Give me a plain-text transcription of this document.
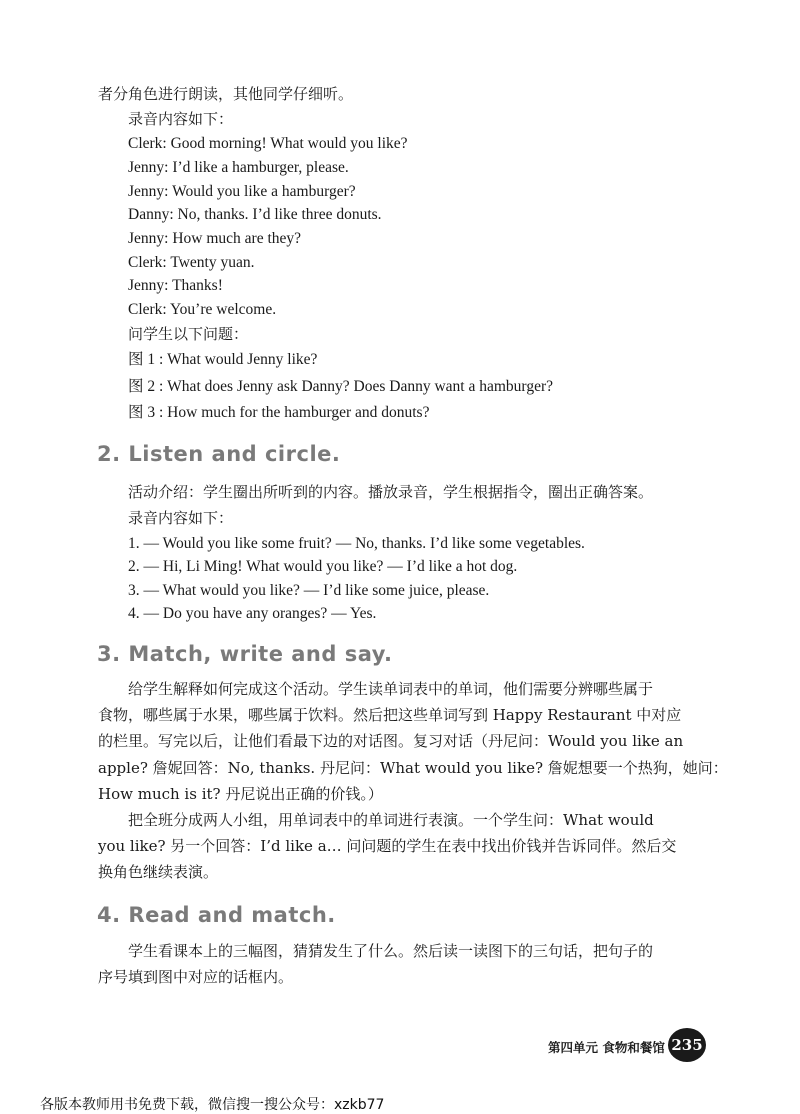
者分角色进行朗读，其他同学仔细听。
录音内容如下：
Clerk: Good morning! What would you like?
Jenny: I’d like a hamburger, please.
Jenny: Would you like a hamburger?
Danny: No, thanks. I’d like three donuts.
Jenny: How much are they?
Clerk: Twenty yuan.
Jenny: Thanks!
Clerk: You’re welcome.
问学生以下问题：
图 1 : What would Jenny like?
图 2 : What does Jenny ask Danny? Does Danny want a hamburger?
图 3 : How much for the hamburger and donuts?
2. Listen and circle.
活动介绍：学生圈出所听到的内容。播放录音，学生根据指令，圈出正确答案。
录音内容如下：
1. — Would you like some fruit? — No, thanks. I’d like some vegetables.
2. — Hi, Li Ming! What would you like? — I’d like a hot dog.
3. — What would you like? — I’d like some juice, please.
4. — Do you have any oranges? — Yes.
3. Match, write and say.
给学生解释如何完成这个活动。学生读单词表中的单词，他们需要分辨哪些属于
食物，哪些属于水果，哪些属于饮料。然后把这些单词写到 Happy Restaurant 中对应
的栏里。写完以后，让他们看最下边的对话图。复习对话（丹尼问：Would you like an
apple? 詹妮回答：No, thanks. 丹尼问：What would you like? 詹妮想要一个热狗，她问：
How much is it? 丹尼说出正确的价钱。）
把全班分成两人小组，用单词表中的单词进行表演。一个学生问：What would
you like? 另一个回答：I’d like a… 问问题的学生在表中找出价钱并告诉同伴。然后交
换角色继续表演。
4. Read and match.
学生看课本上的三幅图，猜猜发生了什么。然后读一读图下的三句话，把句子的
序号填到图中对应的话框内。
第四单元 食物和餐馆 235
各版本教师用书免费下载，微信搜一搜公众号：xzkb77
